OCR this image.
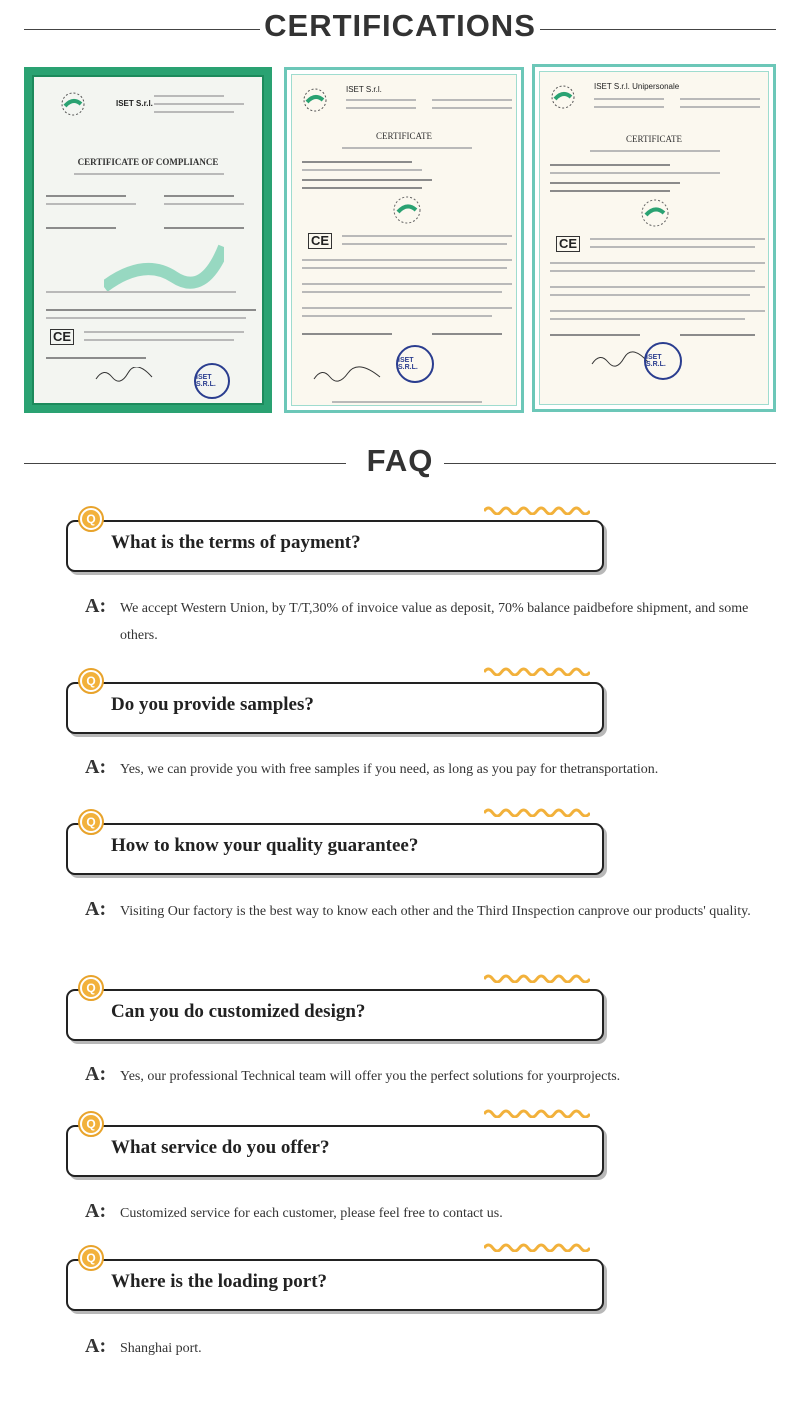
CERTIFICATIONS
ISET S.r.l.
CERTIFICATE OF COMPLIANCE
CE
ISET S.R.L.
ISET S.r.l.
CERTIFICATE
CE
ISET S.R.L.
ISET S.r.l. Unipersonale
CERTIFICATE
CE
ISET S.R.L.
FAQ
What is the terms of payment?
Q
A: We accept Western Union, by T/T,30% of invoice value as deposit, 70% balance paidbefore shipment, and some others.
Do you provide samples?
Q
A: Yes, we can provide you with free samples if you need, as long as you pay for thetransportation.
How to know your quality guarantee?
Q
A: Visiting Our factory is the best way to know each other and the Third IInspection canprove our products' quality.
Can you do customized design?
Q
A: Yes, our professional Technical team will offer you the perfect solutions for yourprojects.
What service do you offer?
Q
A: Customized service for each customer, please feel free to contact us.
Where is the loading port?
Q
A: Shanghai port.
